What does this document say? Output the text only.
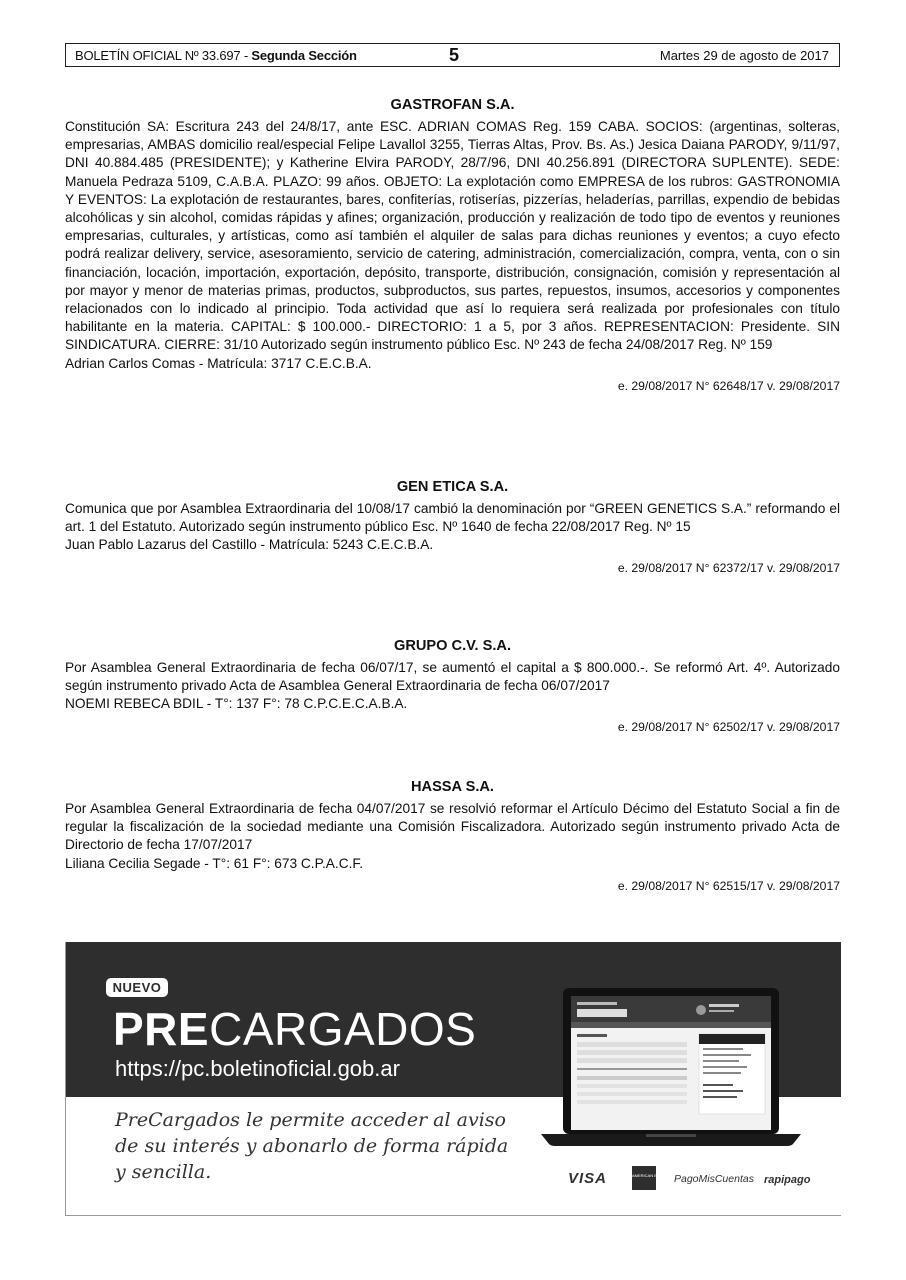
BOLETÍN OFICIAL Nº 33.697 - Segunda Sección	5	Martes 29 de agosto de 2017
GASTROFAN S.A.

Constitución SA: Escritura 243 del 24/8/17, ante ESC. ADRIAN COMAS Reg. 159 CABA. SOCIOS: (argentinas, solteras, empresarias, AMBAS domicilio real/especial Felipe Lavallol 3255, Tierras Altas, Prov. Bs. As.) Jesica Daiana PARODY, 9/11/97, DNI 40.884.485 (PRESIDENTE); y Katherine Elvira PARODY, 28/7/96, DNI 40.256.891 (DIRECTORA SUPLENTE). SEDE: Manuela Pedraza 5109, C.A.B.A. PLAZO: 99 años. OBJETO: La explotación como EMPRESA de los rubros: GASTRONOMIA Y EVENTOS: La explotación de restaurantes, bares, confiterías, rotiserías, pizzerías, heladerías, parrillas, expendio de bebidas alcohólicas y sin alcohol, comidas rápidas y afines; organización, producción y realización de todo tipo de eventos y reuniones empresarias, culturales, y artísticas, como así también el alquiler de salas para dichas reuniones y eventos; a cuyo efecto podrá realizar delivery, service, asesoramiento, servicio de catering, administración, comercialización, compra, venta, con o sin financiación, locación, importación, exportación, depósito, transporte, distribución, consignación, comisión y representación al por mayor y menor de materias primas, productos, subproductos, sus partes, repuestos, insumos, accesorios y componentes relacionados con lo indicado al principio. Toda actividad que así lo requiera será realizada por profesionales con título habilitante en la materia. CAPITAL: $ 100.000.- DIRECTORIO: 1 a 5, por 3 años. REPRESENTACION: Presidente. SIN SINDICATURA. CIERRE: 31/10 Autorizado según instrumento público Esc. Nº 243 de fecha 24/08/2017 Reg. Nº 159

Adrian Carlos Comas - Matrícula: 3717 C.E.C.B.A.
e. 29/08/2017 N° 62648/17 v. 29/08/2017
GEN ETICA S.A.

Comunica que por Asamblea Extraordinaria del 10/08/17 cambió la denominación por “GREEN GENETICS S.A.” reformando el art. 1 del Estatuto. Autorizado según instrumento público Esc. Nº 1640 de fecha 22/08/2017 Reg. Nº 15

Juan Pablo Lazarus del Castillo - Matrícula: 5243 C.E.C.B.A.
e. 29/08/2017 N° 62372/17 v. 29/08/2017
GRUPO C.V. S.A.

Por Asamblea General Extraordinaria de fecha 06/07/17, se aumentó el capital a $ 800.000.-. Se reformó Art. 4º. Autorizado según instrumento privado Acta de Asamblea General Extraordinaria de fecha 06/07/2017

NOEMI REBECA BDIL - T°: 137 F°: 78 C.P.C.E.C.A.B.A.
e. 29/08/2017 N° 62502/17 v. 29/08/2017
HASSA S.A.

Por Asamblea General Extraordinaria de fecha 04/07/2017 se resolvió reformar el Artículo Décimo del Estatuto Social a fin de regular la fiscalización de la sociedad mediante una Comisión Fiscalizadora. Autorizado según instrumento privado Acta de Directorio de fecha 17/07/2017

Liliana Cecilia Segade - T°: 61 F°: 673 C.P.A.C.F.
e. 29/08/2017 N° 62515/17 v. 29/08/2017
NUEVO
PRECARGADOS
https://pc.boletinoficial.gob.ar
PreCargados le permite acceder al aviso de su interés y abonarlo de forma rápida y sencilla.	VISA	AMERICAN EXPRESS PagoMisCuentas rapipago
